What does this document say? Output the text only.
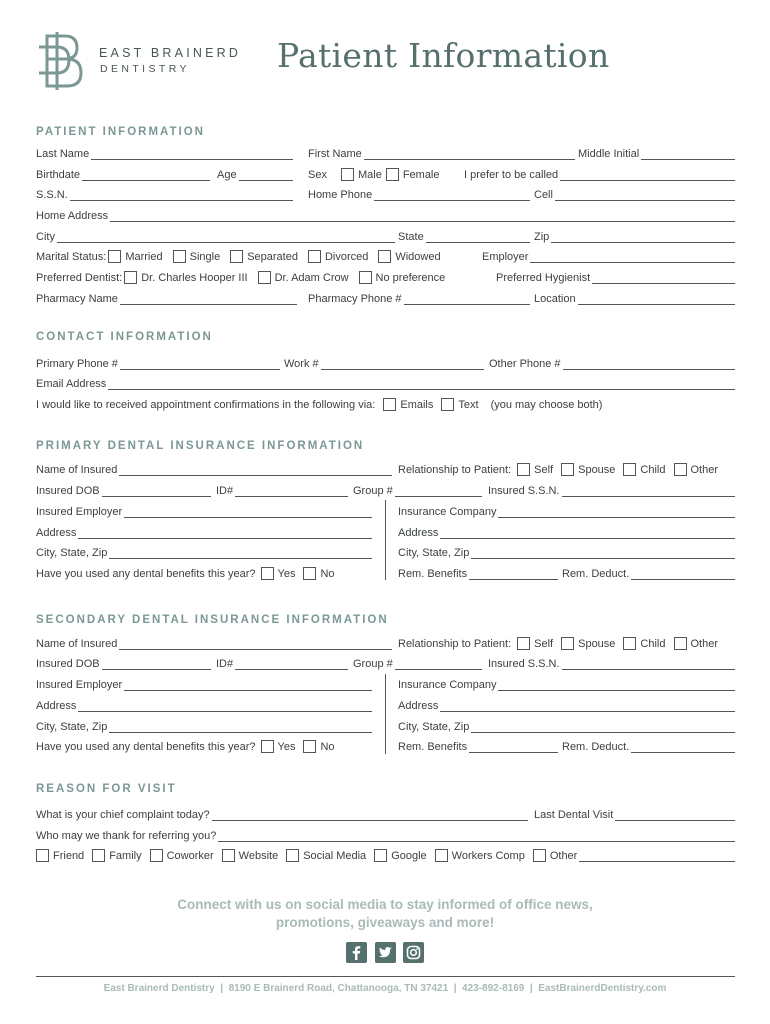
EAST BRAINERD
DENTISTRY	Patient Information
PATIENT INFORMATION
Last Name	First Name	Middle Initial
Birthdate	Age	Sex	Male Female I prefer to be called
S.S.N.	Home Phone	Cell
Home Address
City	State	Zip
Marital Status: Married Single Separated Divorced Widowed	Employer
Preferred Dentist: Dr. Charles Hooper III Dr. Adam Crow No preference	Preferred Hygienist
Pharmacy Name	Pharmacy Phone #	Location
CONTACT INFORMATION
Primary Phone #	Work #	Other Phone #
Email Address
I would like to received appointment confirmations in the following via: Emails Text (you may choose both)
PRIMARY DENTAL INSURANCE INFORMATION
Name of Insured	Relationship to Patient: Self Spouse Child Other
Insured DOB	ID#	Group #	Insured S.S.N.
Insured Employer	Insurance Company
Address	Address
City, State, Zip	City, State, Zip
Have you used any dental benefits this year? Yes No	Rem. Benefits	Rem. Deduct.
SECONDARY DENTAL INSURANCE INFORMATION
Name of Insured	Relationship to Patient: Self Spouse Child Other
Insured DOB	ID#	Group #	Insured S.S.N.
Insured Employer	Insurance Company
Address	Address
City, State, Zip	City, State, Zip
Have you used any dental benefits this year? Yes No	Rem. Benefits	Rem. Deduct.
REASON FOR VISIT
What is your chief complaint today?	Last Dental Visit
Who may we thank for referring you?
Friend Family Coworker Website Social Media Google Workers Comp Other
Connect with us on social media to stay informed of office news,
promotions, giveaways and more!
East Brainerd Dentistry  |  8190 E Brainerd Road, Chattanooga, TN 37421  |  423-892-8169  |  EastBrainerdDentistry.com
